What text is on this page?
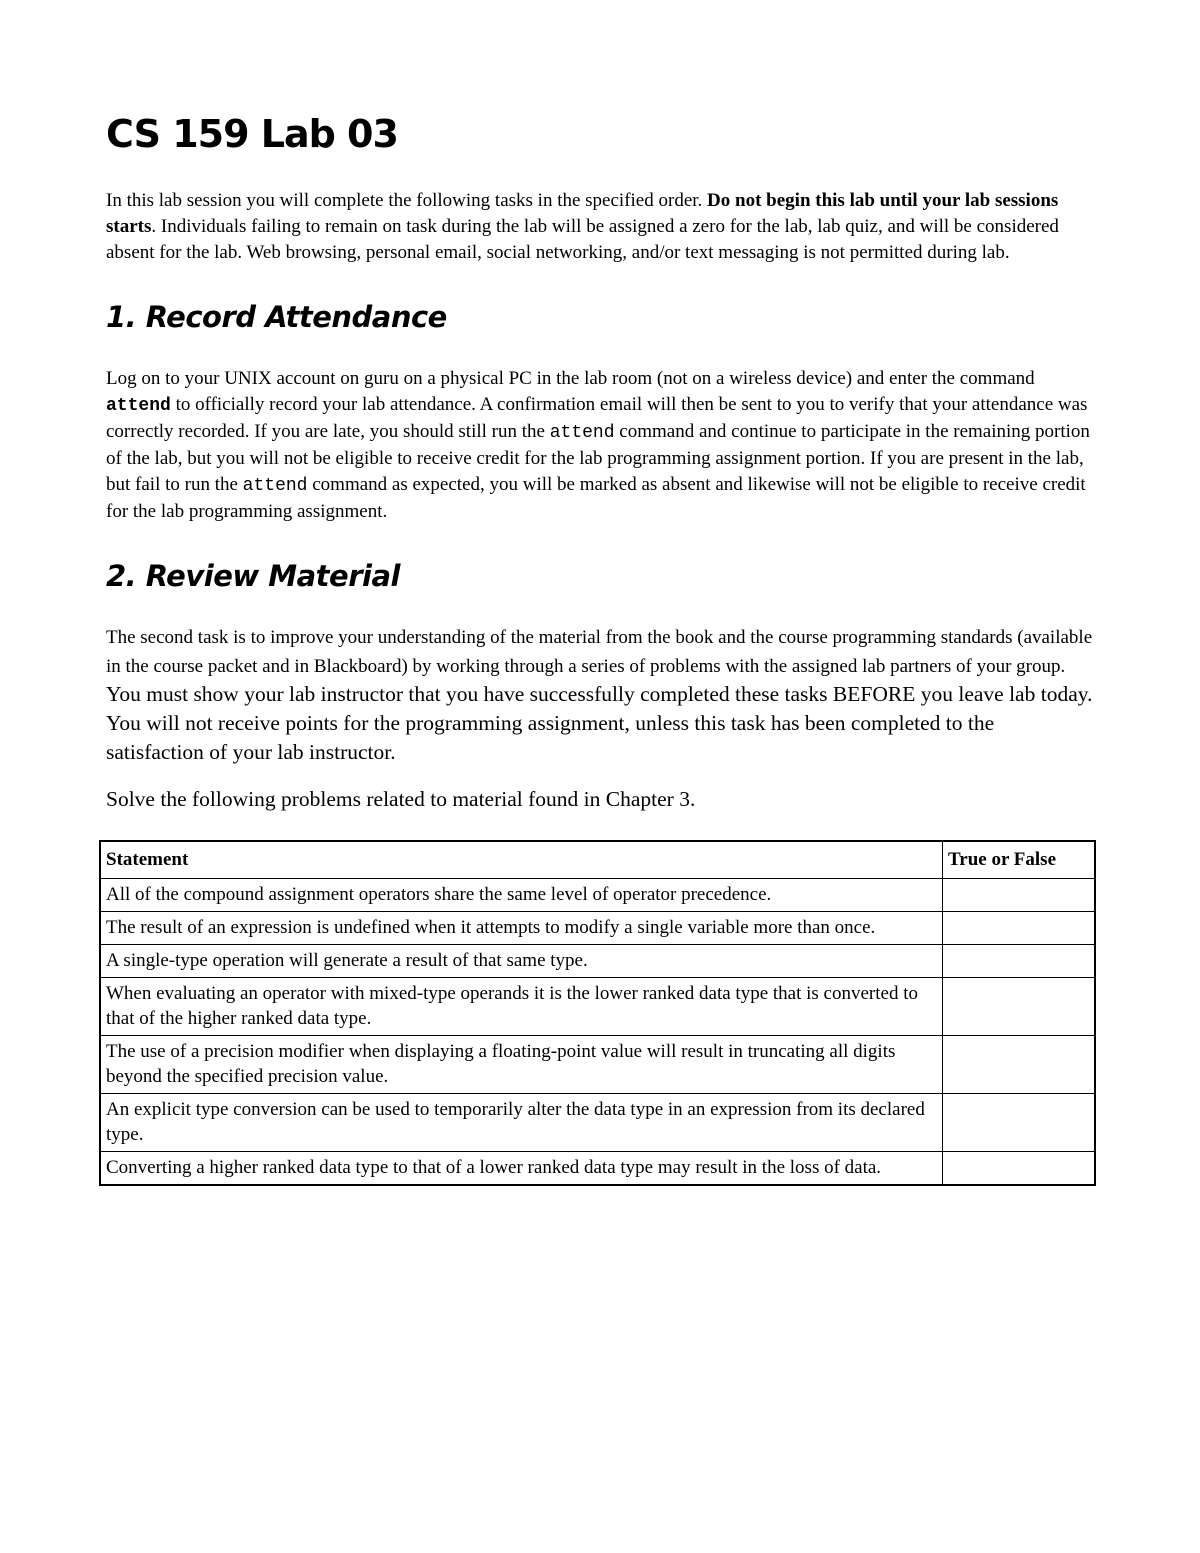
CS 159 Lab 03

In this lab session you will complete the following tasks in the specified order. Do not begin this lab until your lab sessions starts. Individuals failing to remain on task during the lab will be assigned a zero for the lab, lab quiz, and will be considered absent for the lab. Web browsing, personal email, social networking, and/or text messaging is not permitted during lab.

1. Record Attendance

Log on to your UNIX account on guru on a physical PC in the lab room (not on a wireless device) and enter the command attend to officially record your lab attendance. A confirmation email will then be sent to you to verify that your attendance was correctly recorded. If you are late, you should still run the attend command and continue to participate in the remaining portion of the lab, but you will not be eligible to receive credit for the lab programming assignment portion. If you are present in the lab, but fail to run the attend command as expected, you will be marked as absent and likewise will not be eligible to receive credit for the lab programming assignment.

2. Review Material

The second task is to improve your understanding of the material from the book and the course programming standards (available in the course packet and in Blackboard) by working through a series of problems with the assigned lab partners of your group. You must show your lab instructor that you have successfully completed these tasks BEFORE you leave lab today. You will not receive points for the programming assignment, unless this task has been completed to the satisfaction of your lab instructor.

Solve the following problems related to material found in Chapter 3.

Statement	True or False
All of the compound assignment operators share the same level of operator precedence.	
The result of an expression is undefined when it attempts to modify a single variable more than once.	
A single-type operation will generate a result of that same type.	
When evaluating an operator with mixed-type operands it is the lower ranked data type that is converted to that of the higher ranked data type.	
The use of a precision modifier when displaying a floating-point value will result in truncating all digits beyond the specified precision value.	
An explicit type conversion can be used to temporarily alter the data type in an expression from its declared type.	
Converting a higher ranked data type to that of a lower ranked data type may result in the loss of data.	
